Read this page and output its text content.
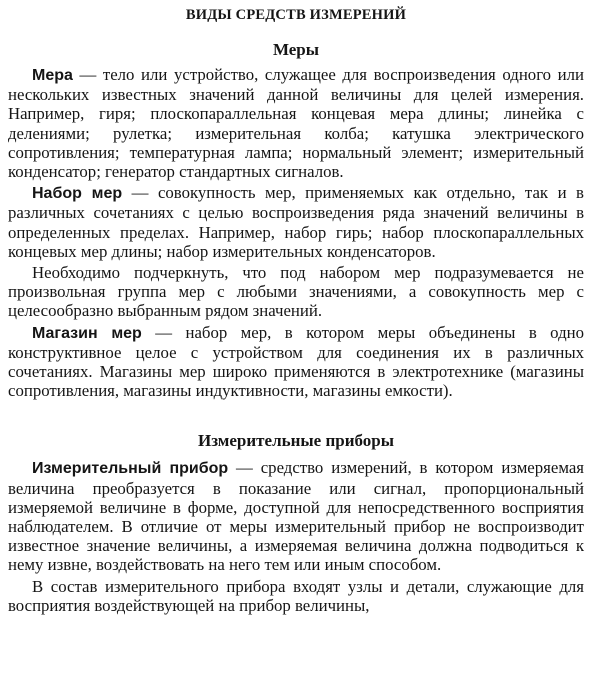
ВИДЫ СРЕДСТВ ИЗМЕРЕНИЙ
Меры

Мера — тело или устройство, служащее для воспроизведения одного или нескольких известных значений данной величины для целей измерения. Например, гиря; плоскопараллельная концевая мера длины; линейка с делениями; рулетка; измерительная колба; катушка электрического сопротивления; температурная лампа; нормальный элемент; измерительный конденсатор; генератор стандартных сигналов.

Набор мер — совокупность мер, применяемых как отдельно, так и в различных сочетаниях с целью воспроизведения ряда значений величины в определенных пределах. Например, набор гирь; набор плоскопараллельных концевых мер длины; набор измерительных конденсаторов.

Необходимо подчеркнуть, что под набором мер подразумевается не произвольная группа мер с любыми значениями, а совокупность мер с целесообразно выбранным рядом значений.

Магазин мер — набор мер, в котором меры объединены в одно конструктивное целое с устройством для соединения их в различных сочетаниях. Магазины мер широко применяются в электротехнике (магазины сопротивления, магазины индуктивности, магазины емкости).

Измерительные приборы

Измерительный прибор — средство измерений, в котором измеряемая величина преобразуется в показание или сигнал, пропорциональный измеряемой величине в форме, доступной для непосредственного восприятия наблюдателем. В отличие от меры измерительный прибор не воспроизводит известное значение величины, а измеряемая величина должна подводиться к нему извне, воздействовать на него тем или иным способом.

В состав измерительного прибора входят узлы и детали, служающие для восприятия воздействующей на прибор величины,
